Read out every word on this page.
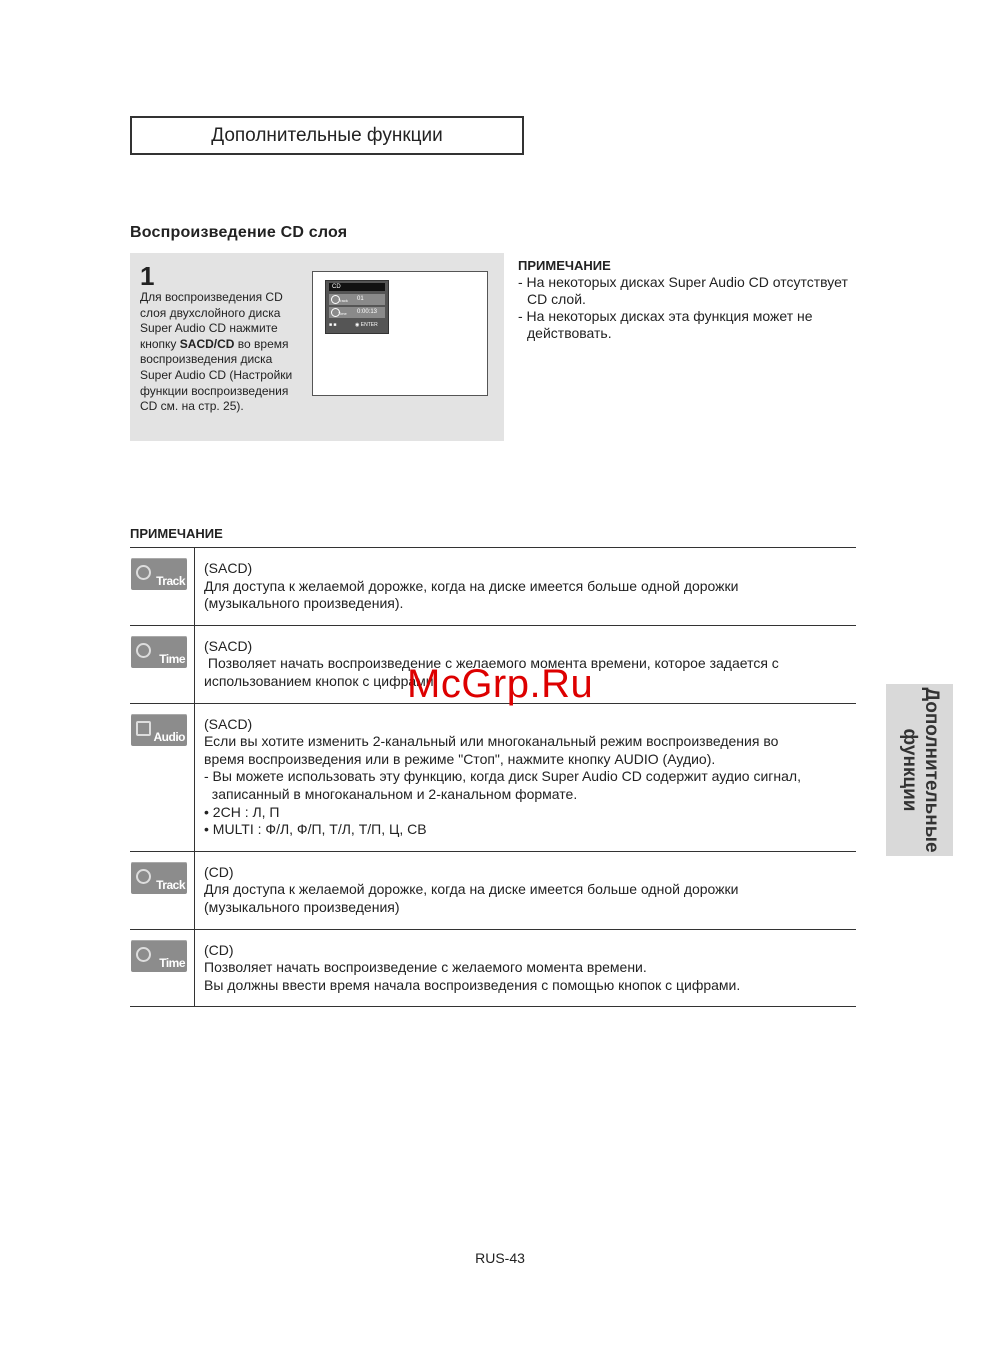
Дополнительные функции
Воспроизведение CD слоя
1
Для воспроизведения CD слоя двухслойного диска Super Audio CD нажмите кнопку SACD/CD во время воспроизведения диска Super Audio CD (Настройки функции воспроизведения CD см. на стр. 25).
CD
Track 01
Time 0:00:13
■ ■	◉ ENTER
ПРИМЕЧАНИЕ
- На некоторых дисках Super Audio CD отсутствует CD слой.
- На некоторых дисках эта функция может не действовать.
ПРИМЕЧАНИЕ
Track
(SACD)
Для доступа к желаемой дорожке, когда на диске имеется больше одной дорожки
(музыкального произведения).
Time
(SACD)
Позволяет начать воспроизведение с желаемого момента времени, которое задается с
использованием кнопок с цифрами.
Audio
(SACD)
Если вы хотите изменить 2-канальный или многоканальный режим воспроизведения во
время воспроизведения или в режиме "Стоп", нажмите кнопку AUDIO (Аудио).
- Вы можете использовать эту функцию, когда диск Super Audio CD содержит аудио сигнал,
записанный в многоканальном и 2-канальном формате.
• 2CH : Л, П
• MULTI : Ф/Л, Ф/П, Т/Л, Т/П, Ц, СВ
Track
(CD)
Для доступа к желаемой дорожке, когда на диске имеется больше одной дорожки
(музыкального произведения)
Time
(CD)
Позволяет начать воспроизведение с желаемого момента времени.
Вы должны ввести время начала воспроизведения с помощью кнопок с цифрами.
Дополнительные
функции
McGrp.Ru
RUS-43
